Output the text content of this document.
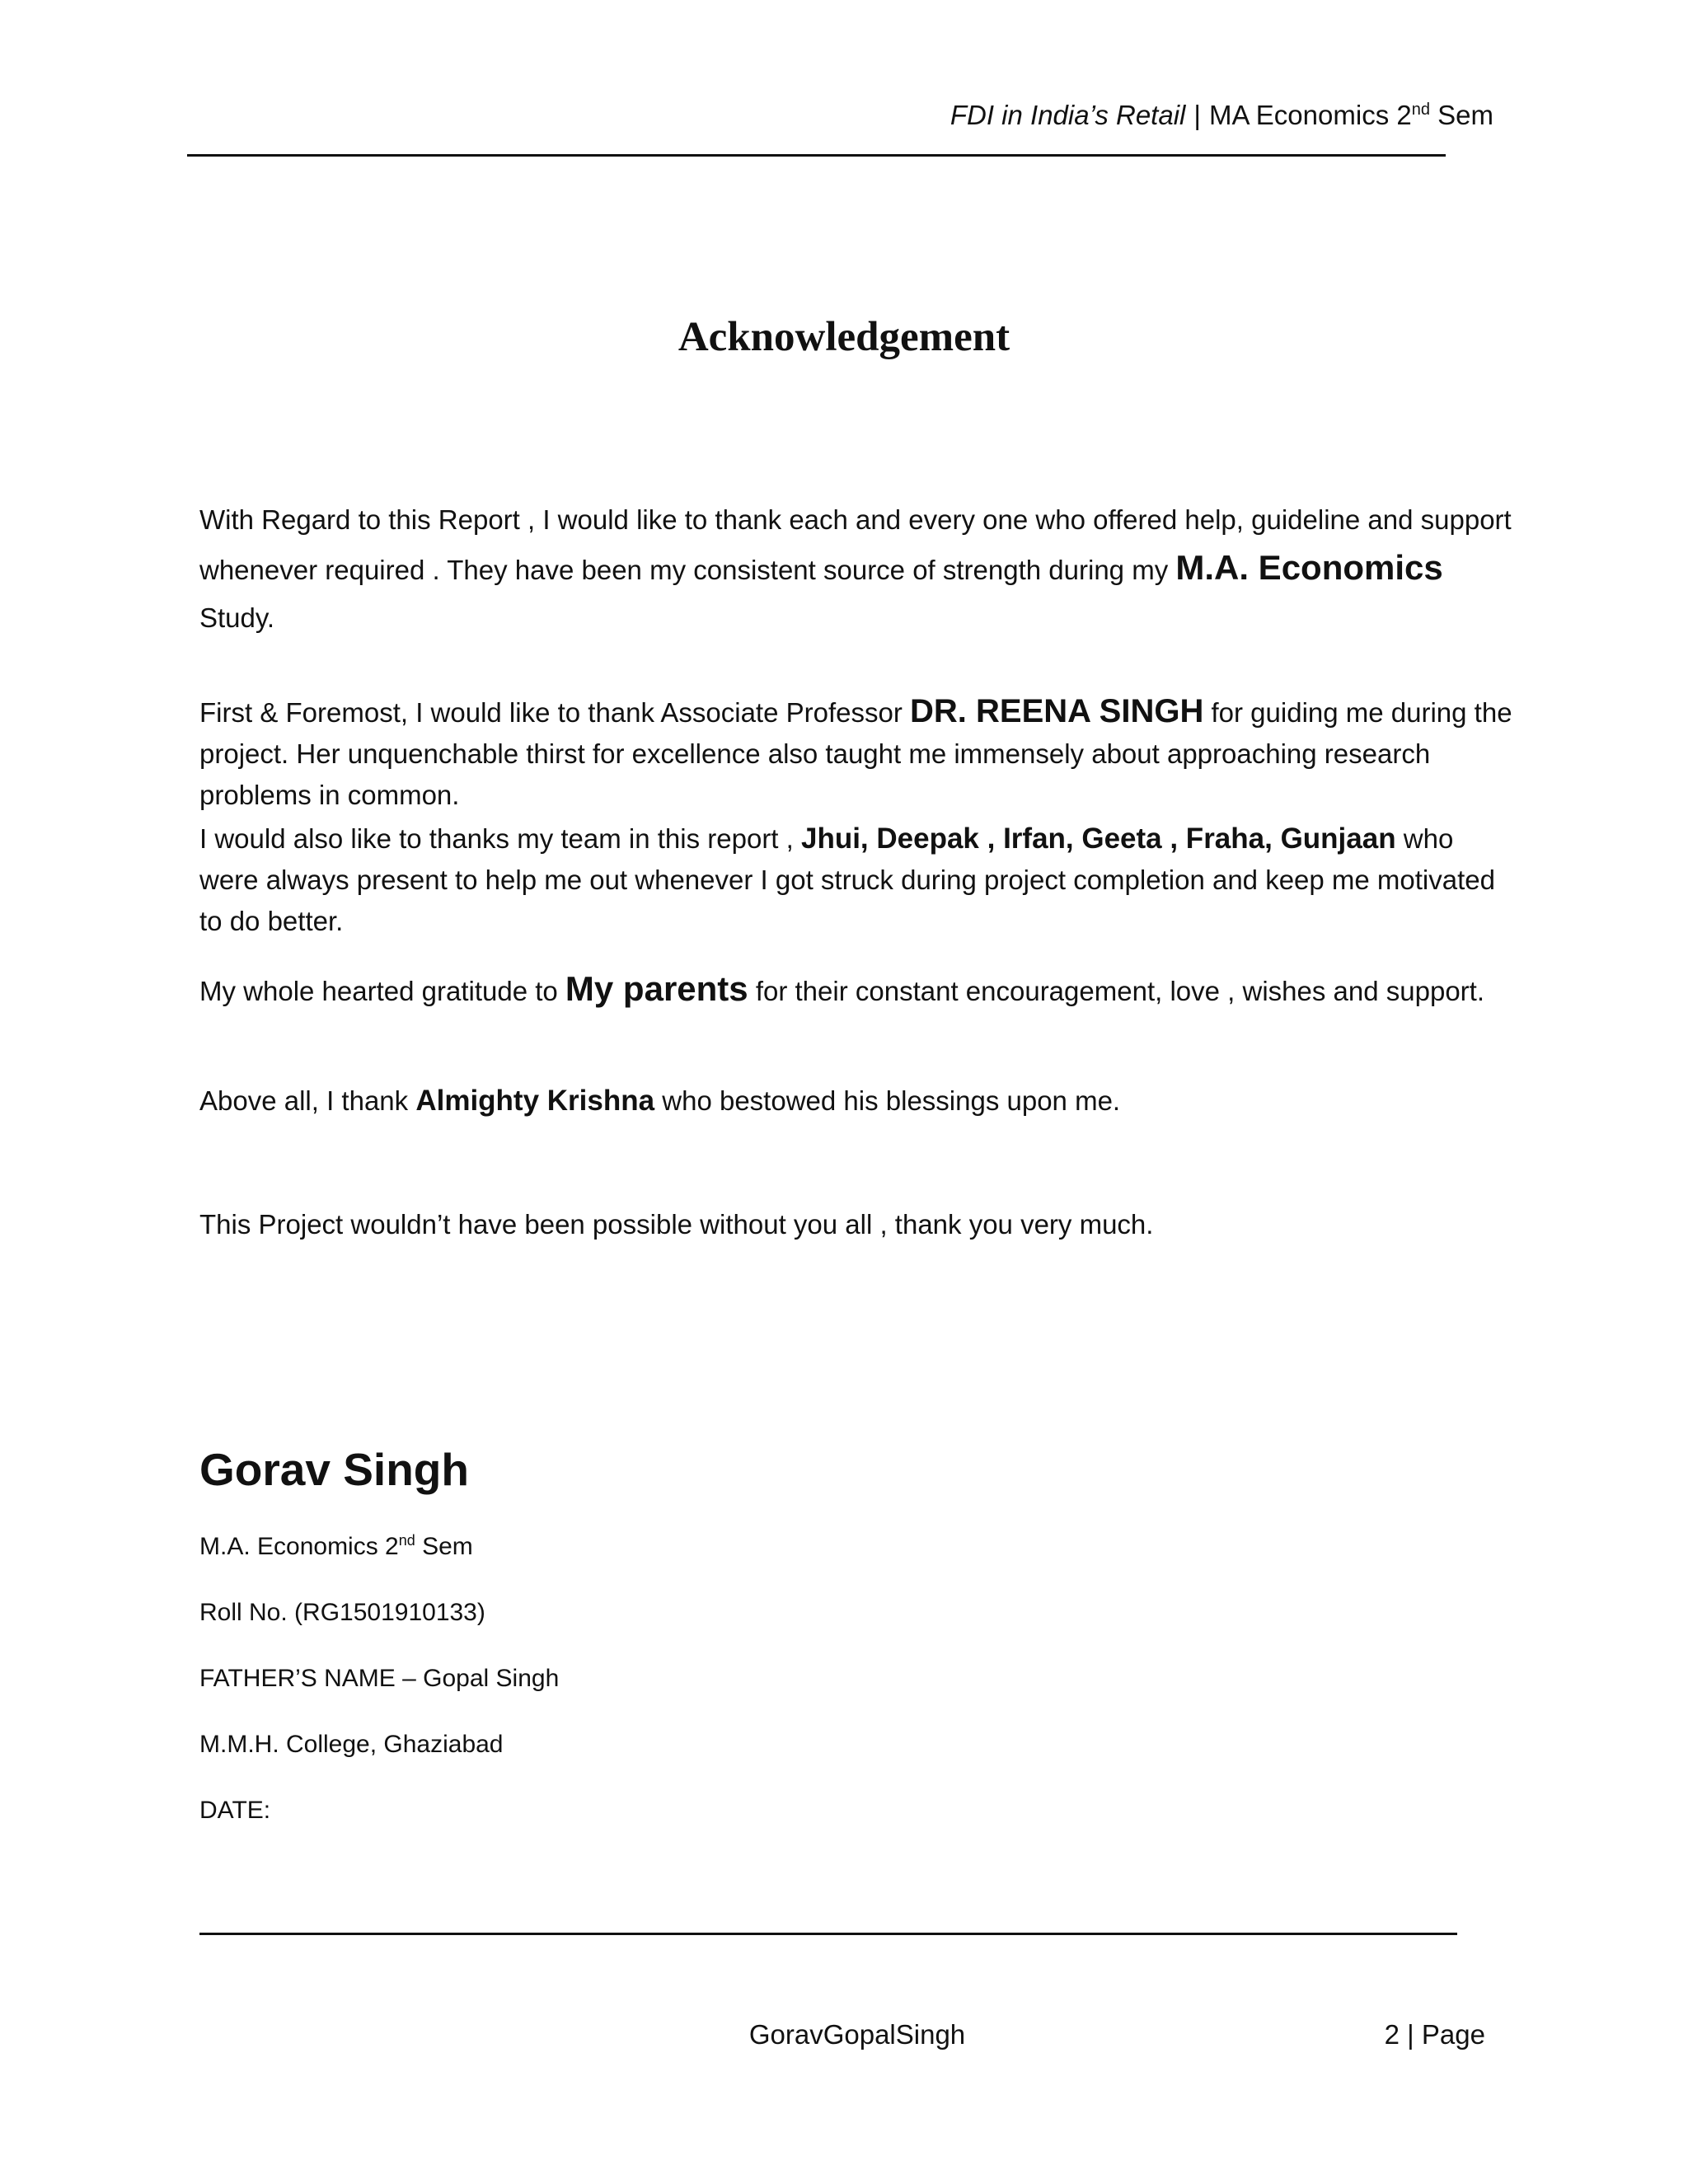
FDI in India’s Retail | MA Economics 2nd Sem
Acknowledgement
With Regard to this Report , I would like to thank each and every one who offered help, guideline and support whenever required . They have been my consistent source of strength during my M.A. Economics Study.
First & Foremost, I would like to thank Associate Professor DR. REENA SINGH for guiding me during the project. Her unquenchable thirst for excellence also taught me immensely about approaching research problems in common.
I would also like to thanks my team in this report , Jhui, Deepak , Irfan, Geeta , Fraha, Gunjaan who were always present to help me out whenever I got struck during project completion and keep me motivated to do better.
My whole hearted gratitude to My parents for their constant encouragement, love , wishes and support.
Above all, I thank Almighty Krishna who bestowed his blessings upon me.
This Project wouldn’t have been possible without you all , thank you very much.
Gorav Singh
M.A. Economics 2nd Sem
Roll No. (RG1501910133)
FATHER’S NAME – Gopal Singh
M.M.H. College, Ghaziabad
DATE:
GoravGopalSingh	2 | Page
